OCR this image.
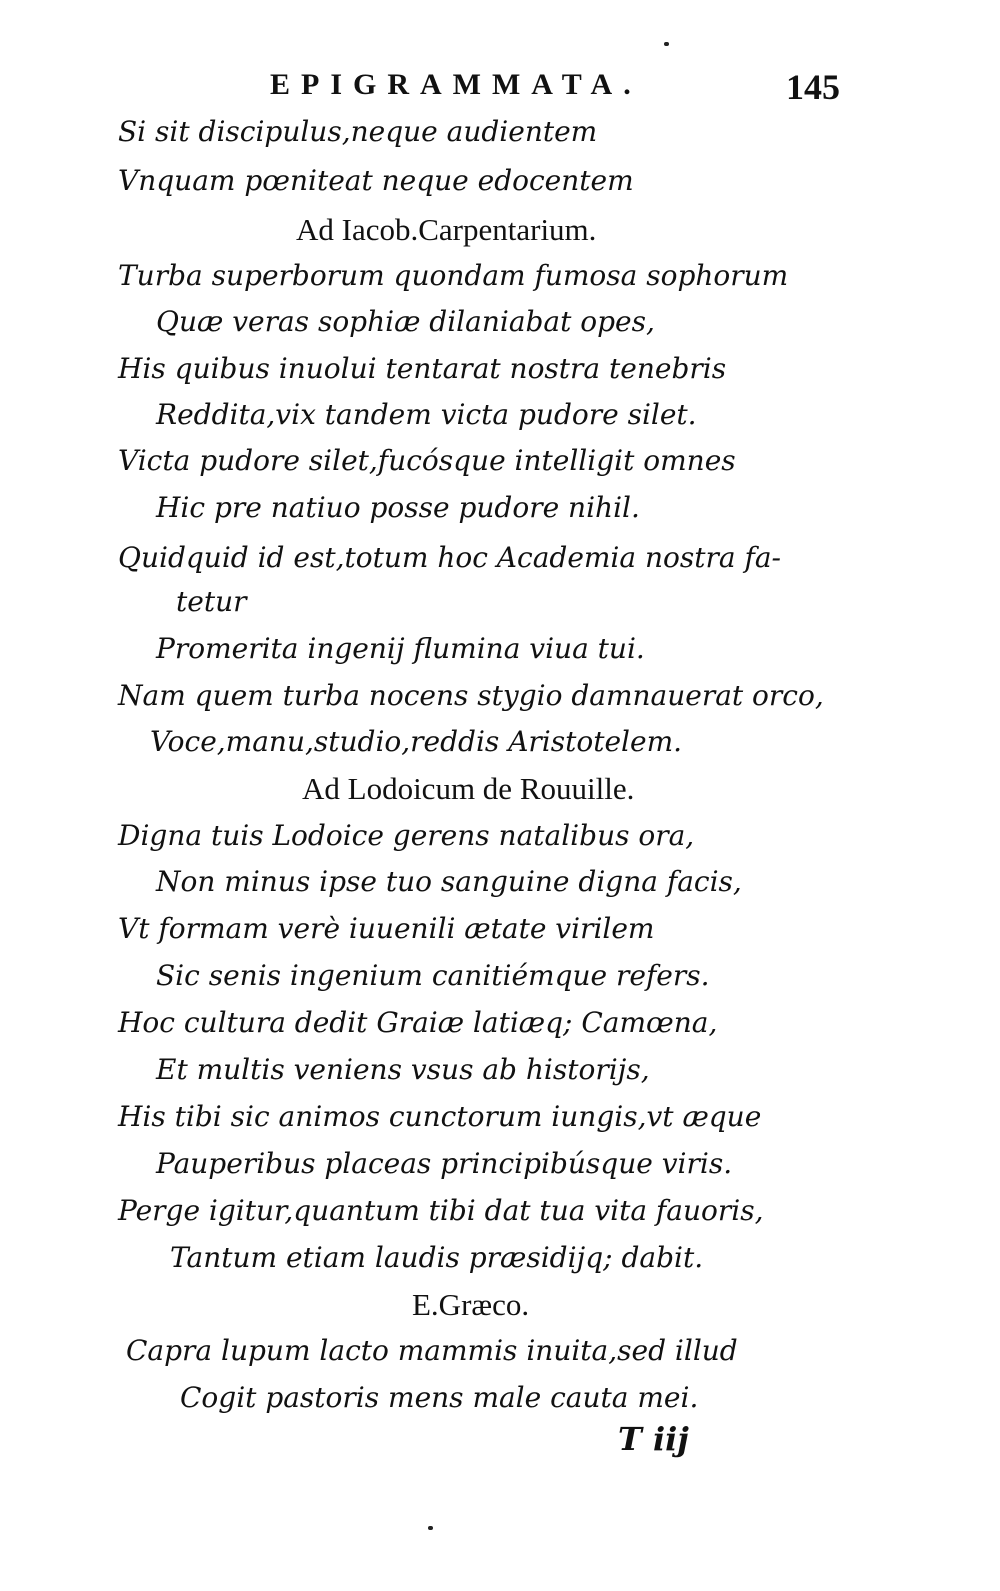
EPIGRAMMATA.	145
Si sit discipulus,neque audientem
Vnquam pœniteat neque edocentem
Ad Iacob.Carpentarium.
Turba superborum quondam fumosa sophorum
Quæ veras sophiæ dilaniabat opes,
His quibus inuolui tentarat nostra tenebris
Reddita,vix tandem victa pudore silet.
Victa pudore silet,fucósque intelligit omnes
Hic pre natiuo posse pudore nihil.
Quidquid id est,totum hoc Academia nostra fa-
tetur
Promerita ingenij flumina viua tui.
Nam quem turba nocens stygio damnauerat orco,
Voce,manu,studio,reddis Aristotelem.
Ad Lodoicum de Rouuille.
Digna tuis Lodoice gerens natalibus ora,
Non minus ipse tuo sanguine digna facis,
Vt formam verè iuuenili ætate virilem
Sic senis ingenium canitiémque refers.
Hoc cultura dedit Graiæ latiæq; Camœna,
Et multis veniens vsus ab historijs,
His tibi sic animos cunctorum iungis,vt æque
Pauperibus placeas principibúsque viris.
Perge igitur,quantum tibi dat tua vita fauoris,
Tantum etiam laudis præsidijq; dabit.
E.Græco.
Capra lupum lacto mammis inuita,sed illud
Cogit pastoris mens male cauta mei.
T iij
